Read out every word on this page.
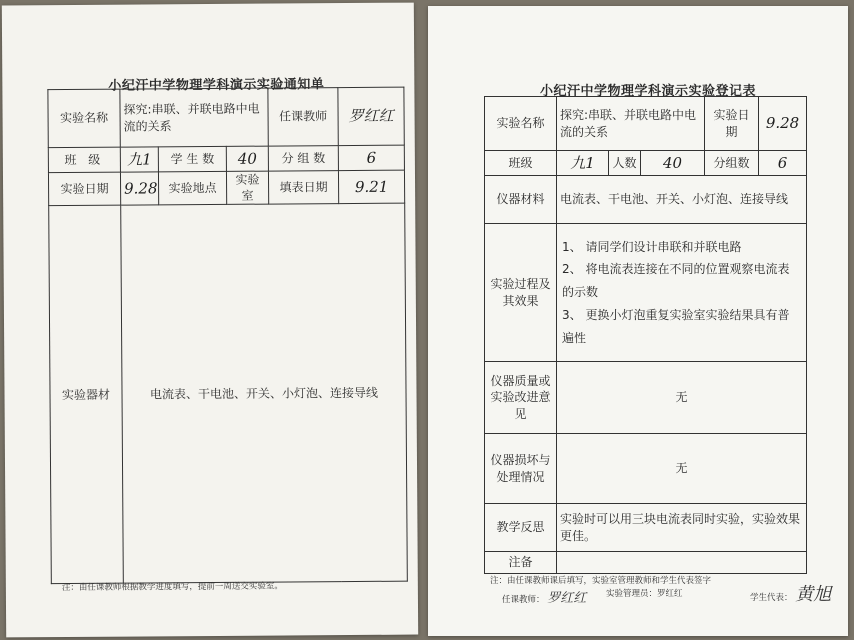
小纪汗中学物理学科演示实验通知单
实验名称	探究:串联、并联电路中电流的关系			任课教师	罗红红
班 级	九1	学 生 数	40	分 组 数	6
实验日期	9.28	实验地点	实验室	填表日期	9.21
实验器材	电流表、干电池、开关、小灯泡、连接导线				
注：由任课教师根据教学进度填写，提前一周送交实验室。
小纪汗中学物理学科演示实验登记表
实验名称	探究:串联、并联电路中电流的关系			实验日期	9.28
班级	九1	人数	40	分组数	6
仪器材料	电流表、干电池、开关、小灯泡、连接导线				
实验过程及其效果	1、 请同学们设计串联和并联电路
2、 将电流表连接在不同的位置观察电流表的示数
3、 更换小灯泡重复实验室实验结果具有普遍性				

仪器质量或实验改进意见	无				
仪器损坏与处理情况	无				
教学反思	实验时可以用三块电流表同时实验，实验效果更佳。				
注备					
注：由任课教师课后填写，实验室管理教师和学生代表签字
任课教师： 罗红红 实验管理员：罗红红	学生代表： 黄旭
